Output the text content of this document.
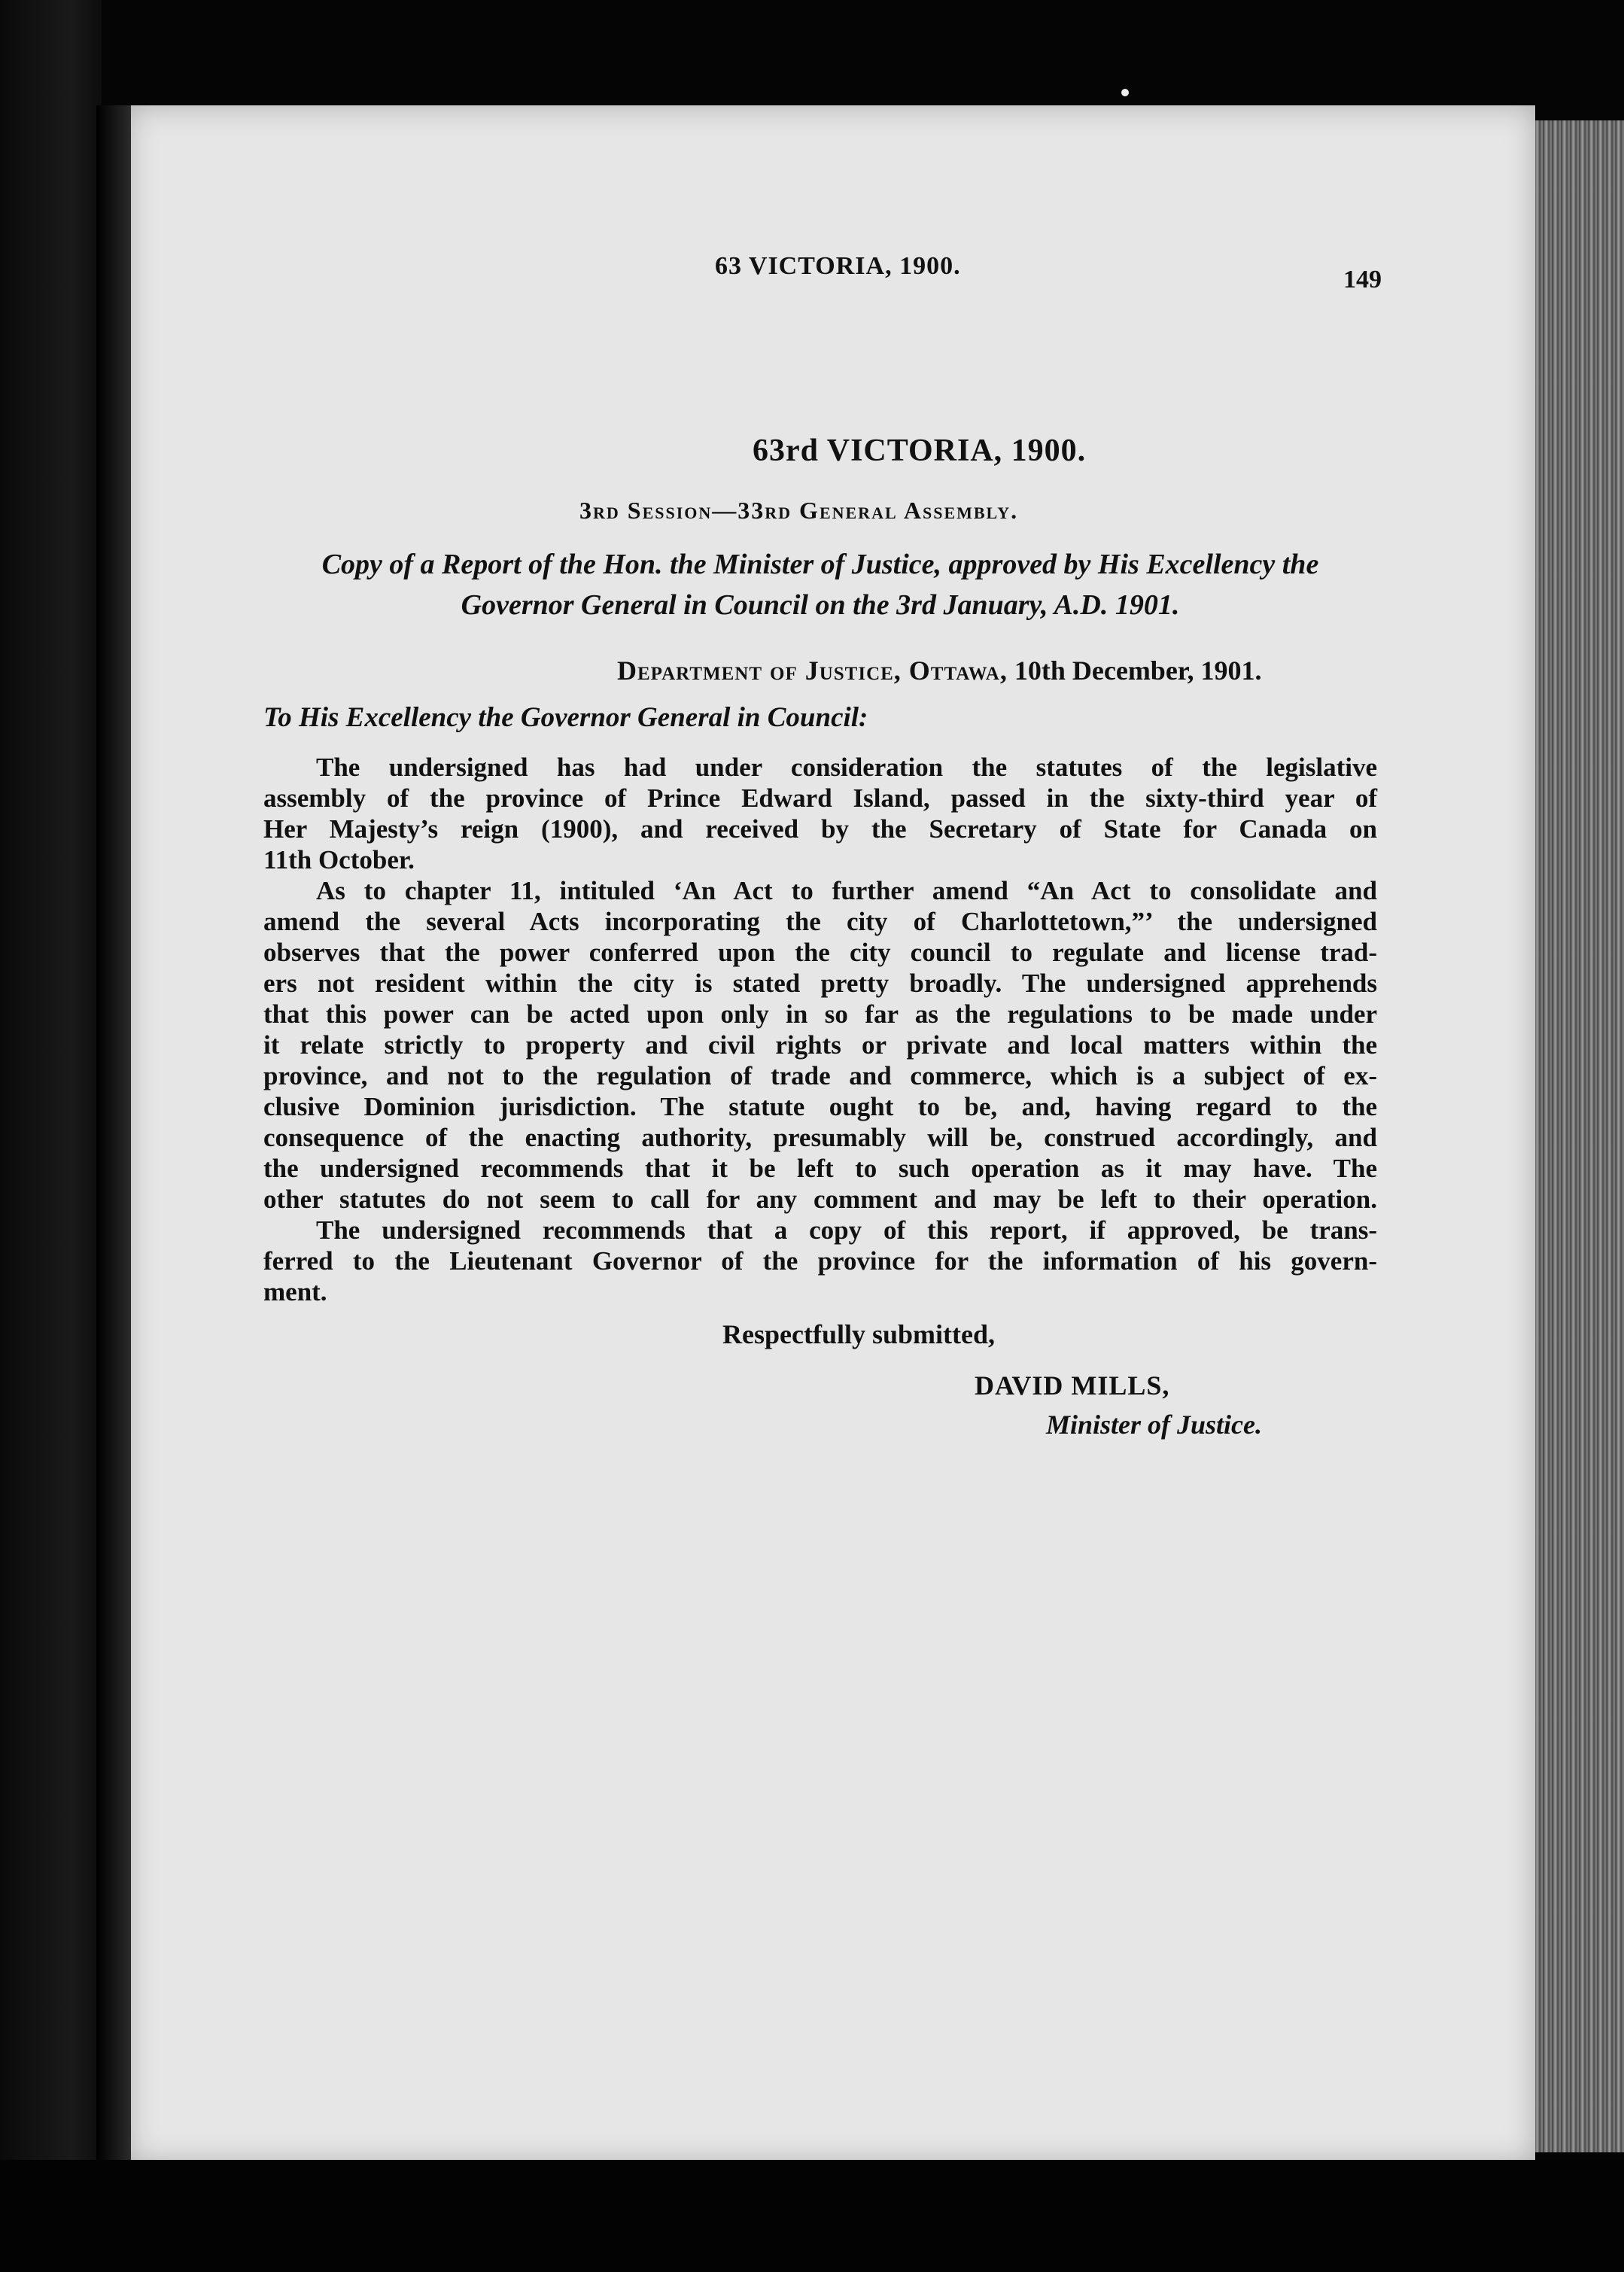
63 VICTORIA, 1900.	149
63rd VICTORIA, 1900.
3rd Session—33rd General Assembly.
Copy of a Report of the Hon. the Minister of Justice, approved by His Excellency the
Governor General in Council on the 3rd January, A.D. 1901.
Department of Justice, Ottawa, 10th December, 1901.
To His Excellency the Governor General in Council:
The undersigned has had under consideration the statutes of the legislative
assembly of the province of Prince Edward Island, passed in the sixty-third year of
Her Majesty’s reign (1900), and received by the Secretary of State for Canada on
11th October.
As to chapter 11, intituled ‘An Act to further amend “An Act to consolidate and
amend the several Acts incorporating the city of Charlottetown,”’ the undersigned
observes that the power conferred upon the city council to regulate and license trad-
ers not resident within the city is stated pretty broadly. The undersigned apprehends
that this power can be acted upon only in so far as the regulations to be made under
it relate strictly to property and civil rights or private and local matters within the
province, and not to the regulation of trade and commerce, which is a subject of ex-
clusive Dominion jurisdiction. The statute ought to be, and, having regard to the
consequence of the enacting authority, presumably will be, construed accordingly, and
the undersigned recommends that it be left to such operation as it may have. The
other statutes do not seem to call for any comment and may be left to their operation.
The undersigned recommends that a copy of this report, if approved, be trans-
ferred to the Lieutenant Governor of the province for the information of his govern-
ment.
Respectfully submitted,
DAVID MILLS,
Minister of Justice.
